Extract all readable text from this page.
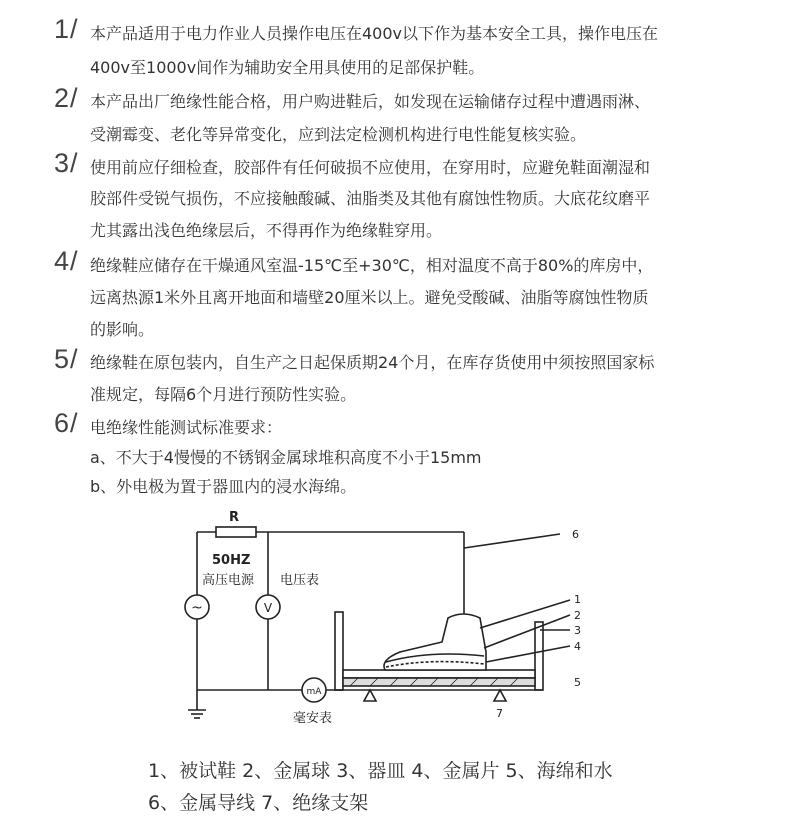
1/ 本产品适用于电力作业人员操作电压在400v以下作为基本安全工具，操作电压在
400v至1000v间作为辅助安全用具使用的足部保护鞋。
2/ 本产品出厂绝缘性能合格，用户购进鞋后，如发现在运输储存过程中遭遇雨淋、
受潮霉变、老化等异常变化，应到法定检测机构进行电性能复核实验。
3/ 使用前应仔细检查，胶部件有任何破损不应使用，在穿用时，应避免鞋面潮湿和
胶部件受锐气损伤，不应接触酸碱、油脂类及其他有腐蚀性物质。大底花纹磨平
尤其露出浅色绝缘层后，不得再作为绝缘鞋穿用。
4/ 绝缘鞋应储存在干燥通风室温-15℃至+30℃，相对温度不高于80%的库房中，
远离热源1米外且离开地面和墙壁20厘米以上。避免受酸碱、油脂等腐蚀性物质
的影响。
5/ 绝缘鞋在原包装内，自生产之日起保质期24个月，在库存货使用中须按照国家标
准规定，每隔6个月进行预防性实验。
6/ 电绝缘性能测试标准要求：
a、不大于4慢慢的不锈钢金属球堆积高度不小于15mm
b、外电极为置于器皿内的浸水海绵。
R
50HZ
高压电源 电压表
~	V
mA
毫安表
6
1
2
3
4
5
7
1、被试鞋 2、金属球 3、器皿 4、金属片 5、海绵和水
6、金属导线 7、绝缘支架
